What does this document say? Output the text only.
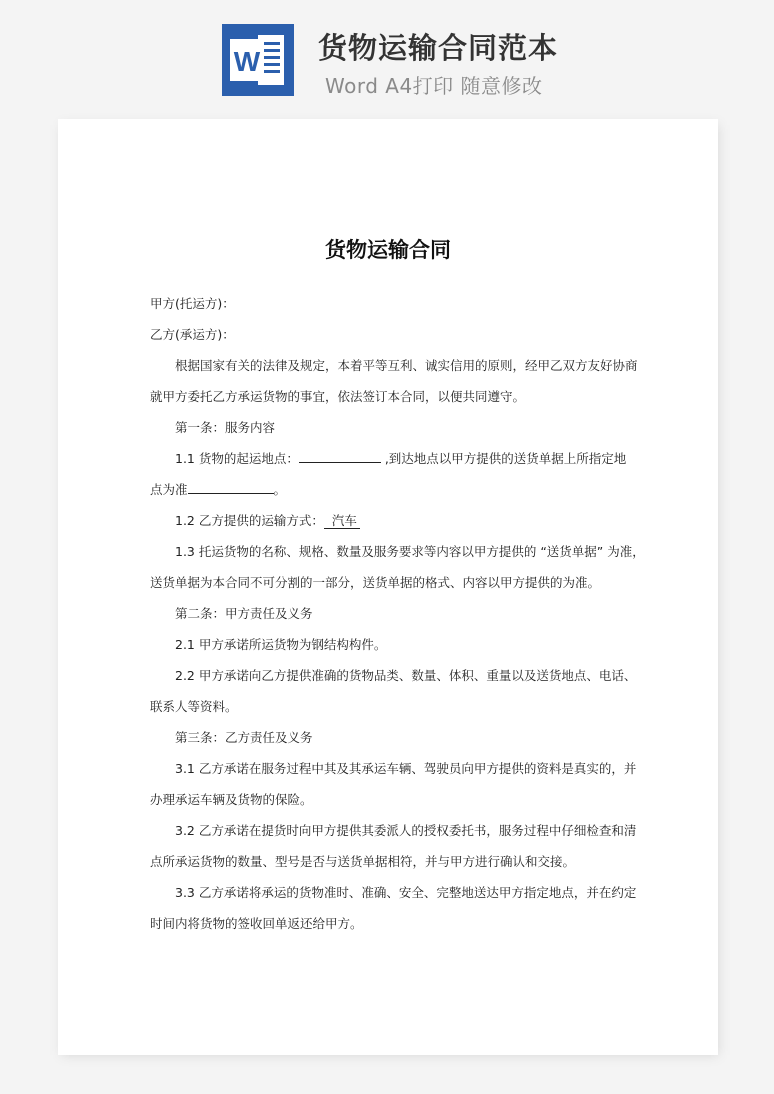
W 货物运输合同范本
Word A4打印 随意修改
货物运输合同
甲方(托运方)：
乙方(承运方)：
根据国家有关的法律及规定，本着平等互利、诚实信用的原则，经甲乙双方友好协商
就甲方委托乙方承运货物的事宜，依法签订本合同，以便共同遵守。
第一条：服务内容
1.1 货物的起运地点：	,到达地点以甲方提供的送货单据上所指定地
点为准	。
1.2 乙方提供的运输方式： 汽车
1.3 托运货物的名称、规格、数量及服务要求等内容以甲方提供的 “送货单据” 为准，
送货单据为本合同不可分割的一部分，送货单据的格式、内容以甲方提供的为准。
第二条：甲方责任及义务
2.1 甲方承诺所运货物为钢结构构件。
2.2 甲方承诺向乙方提供准确的货物品类、数量、体积、重量以及送货地点、电话、
联系人等资料。
第三条：乙方责任及义务
3.1 乙方承诺在服务过程中其及其承运车辆、驾驶员向甲方提供的资料是真实的，并
办理承运车辆及货物的保险。
3.2 乙方承诺在提货时向甲方提供其委派人的授权委托书，服务过程中仔细检查和清
点所承运货物的数量、型号是否与送货单据相符，并与甲方进行确认和交接。
3.3 乙方承诺将承运的货物准时、准确、安全、完整地送达甲方指定地点，并在约定
时间内将货物的签收回单返还给甲方。
